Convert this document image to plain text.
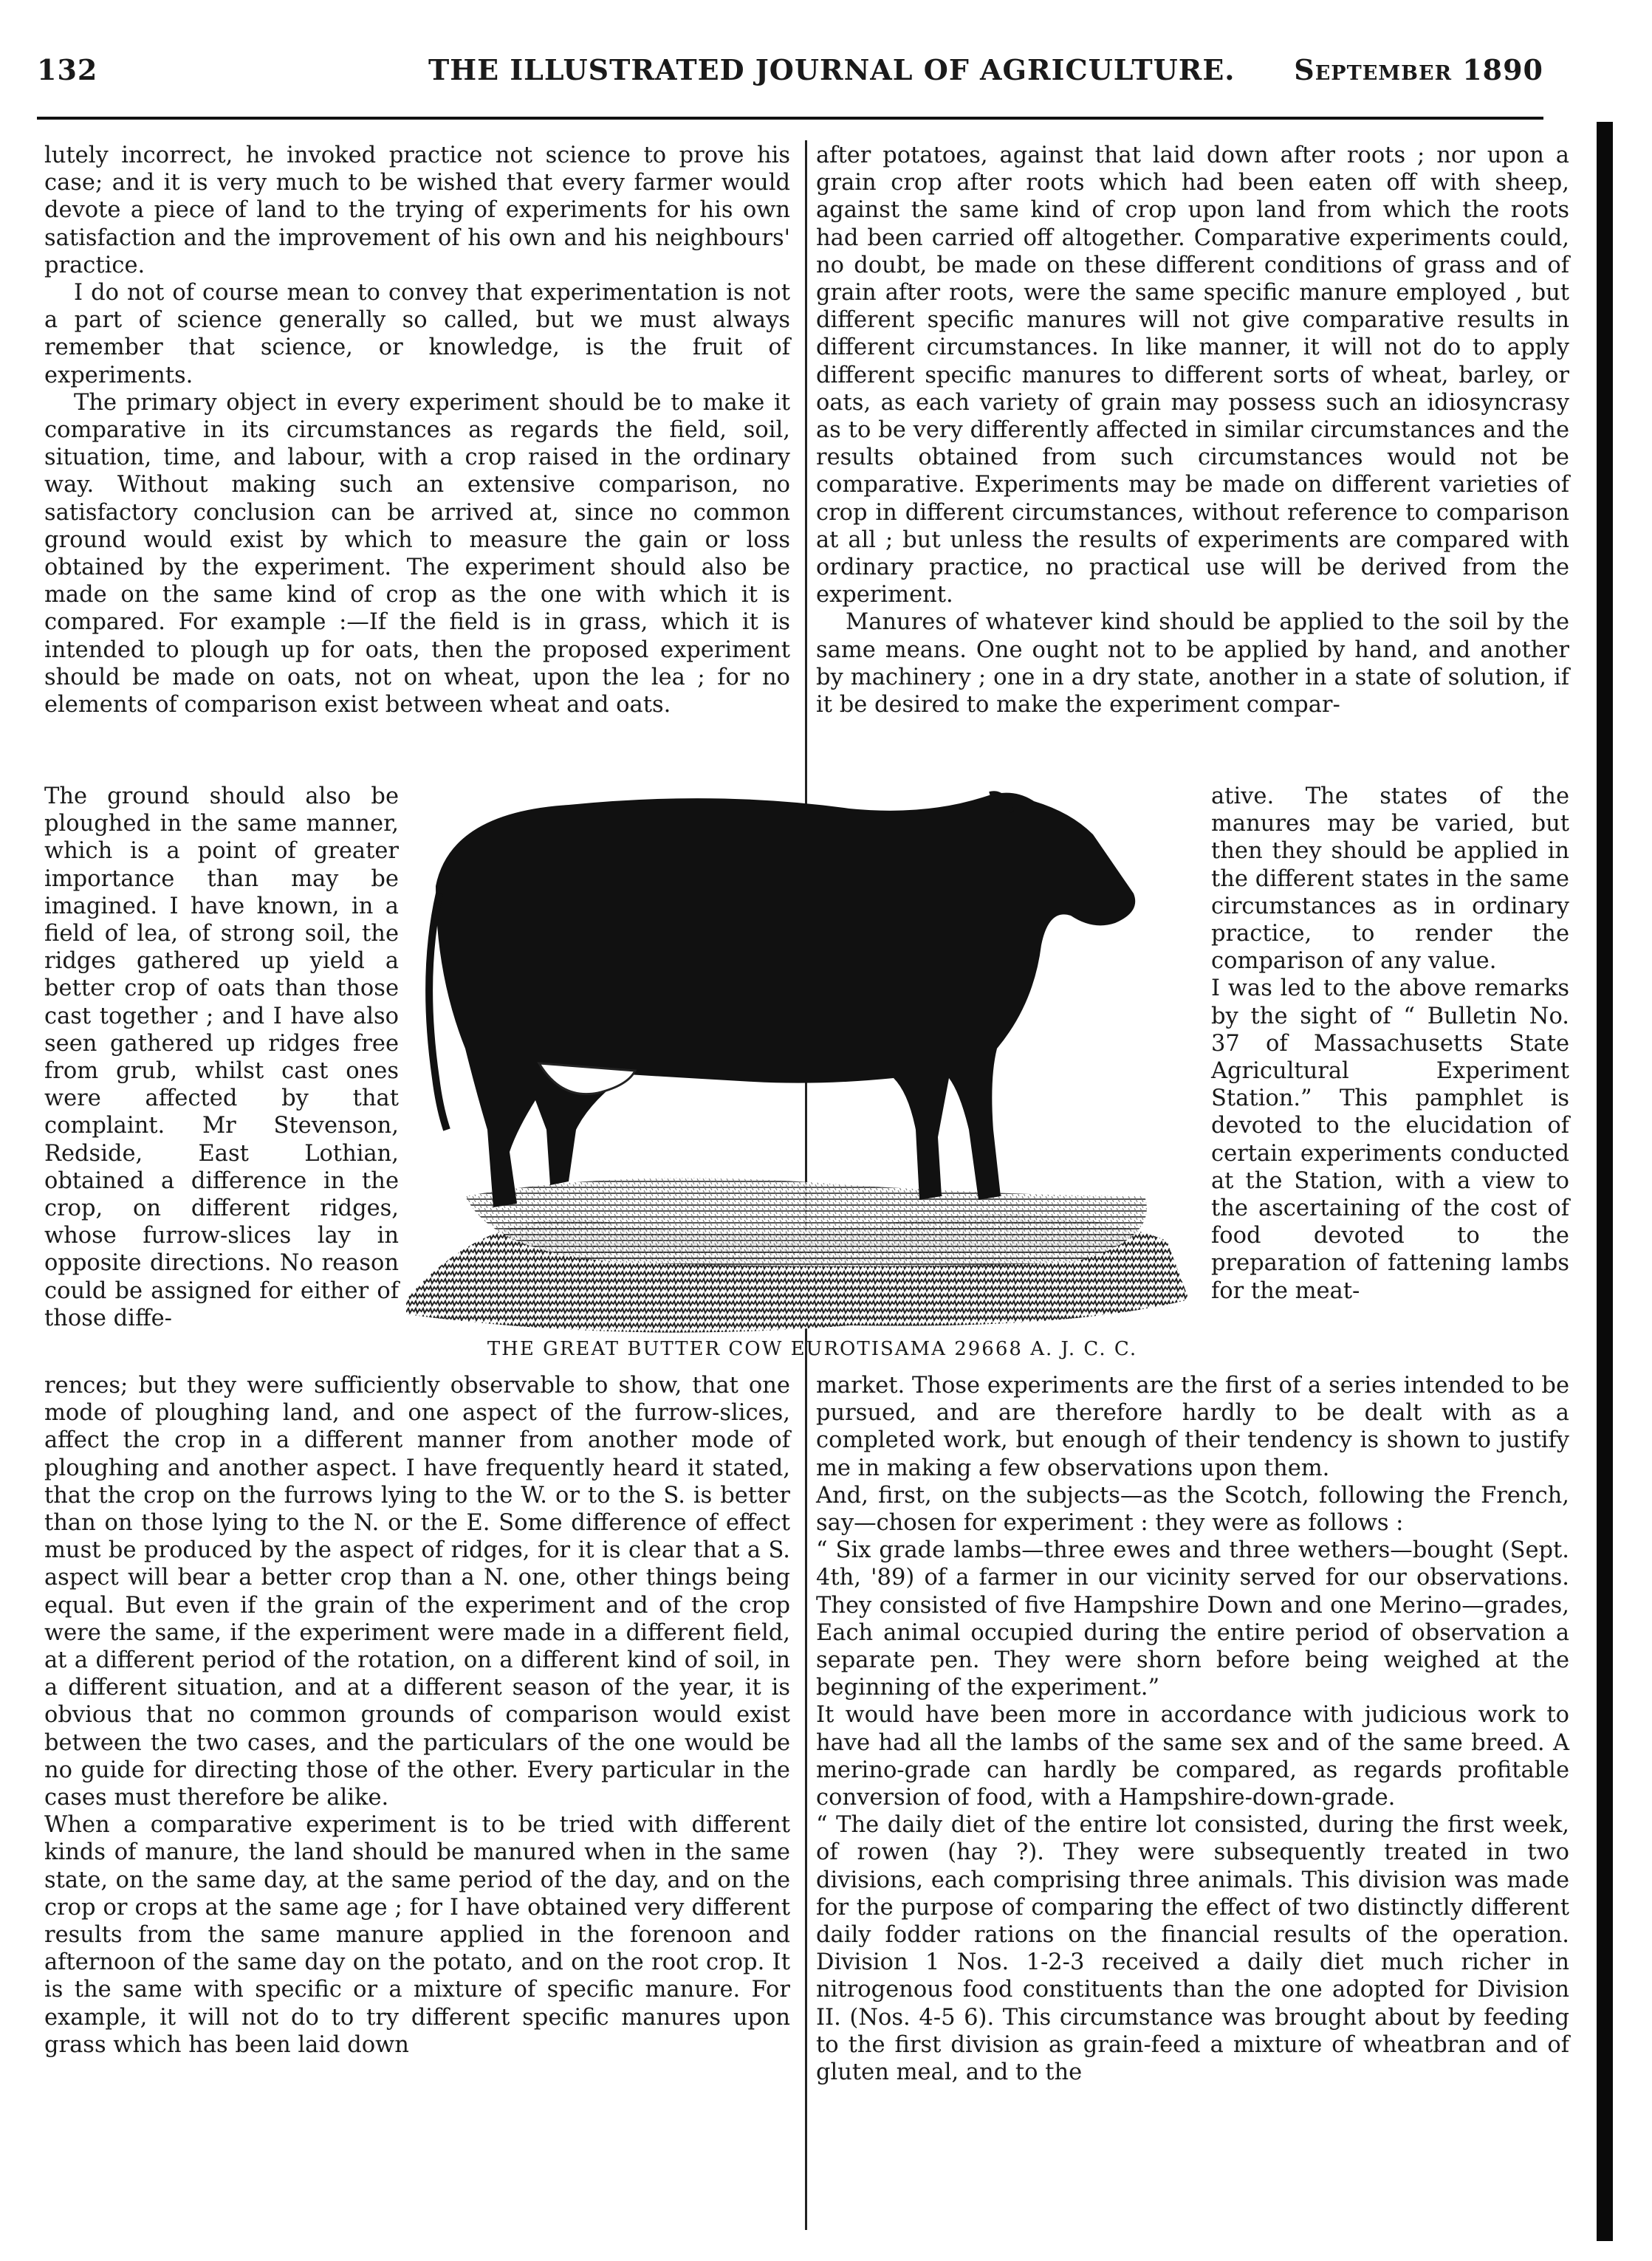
132	THE ILLUSTRATED JOURNAL OF AGRICULTURE. September 1890

lutely incorrect, he invoked practice not science to prove his case; and it is very much to be wished that every farmer would devote a piece of land to the trying of experiments for his own satisfaction and the improvement of his own and his neighbours' practice.

I do not of course mean to convey that experimentation is not a part of science generally so called, but we must always remember that science, or knowledge, is the fruit of experiments.

The primary object in every experiment should be to make it comparative in its circumstances as regards the field, soil, situation, time, and labour, with a crop raised in the ordinary way. Without making such an extensive comparison, no satisfactory conclusion can be arrived at, since no common ground would exist by which to measure the gain or loss obtained by the experiment. The experiment should also be made on the same kind of crop as the one with which it is compared. For example :—If the field is in grass, which it is intended to plough up for oats, then the proposed experiment should be made on oats, not on wheat, upon the lea ; for no elements of comparison exist between wheat and oats.

The ground should also be ploughed in the same manner, which is a point of greater importance than may be imagined. I have known, in a field of lea, of strong soil, the ridges gathered up yield a better crop of oats than those cast together ; and I have also seen gathered up ridges free from grub, whilst cast ones were affected by that complaint. Mr Stevenson, Redside, East Lothian, obtained a difference in the crop, on different ridges, whose furrow-slices lay in opposite directions. No reason could be assigned for either of those diffe-

after potatoes, against that laid down after roots ; nor upon a grain crop after roots which had been eaten off with sheep, against the same kind of crop upon land from which the roots had been carried off altogether. Comparative experiments could, no doubt, be made on these different conditions of grass and of grain after roots, were the same specific manure employed , but different specific manures will not give comparative results in different circumstances. In like manner, it will not do to apply different specific manures to different sorts of wheat, barley, or oats, as each variety of grain may possess such an idiosyncrasy as to be very differently affected in similar circumstances and the results obtained from such circumstances would not be comparative. Experiments may be made on different varieties of crop in different circumstances, without reference to comparison at all ; but unless the results of experiments are compared with ordinary practice, no practical use will be derived from the experiment.

Manures of whatever kind should be applied to the soil by the same means. One ought not to be applied by hand, and another by machinery ; one in a dry state, another in a state of solution, if it be desired to make the experiment compar-

ative. The states of the manures may be varied, but then they should be applied in the different states in the same circumstances as in ordinary practice, to render the comparison of any value.

I was led to the above remarks by the sight of “ Bulletin No. 37 of Massachusetts State Agricultural Experiment Station.” This pamphlet is devoted to the elucidation of certain experiments conducted at the Station, with a view to the ascertaining of the cost of food devoted to the preparation of fattening lambs for the meat-

THE GREAT BUTTER COW EUROTISAMA 29668 A. J. C. C.

rences; but they were sufficiently observable to show, that one mode of ploughing land, and one aspect of the furrow-slices, affect the crop in a different manner from another mode of ploughing and another aspect. I have frequently heard it stated, that the crop on the furrows lying to the W. or to the S. is better than on those lying to the N. or the E. Some difference of effect must be produced by the aspect of ridges, for it is clear that a S. aspect will bear a better crop than a N. one, other things being equal. But even if the grain of the experiment and of the crop were the same, if the experiment were made in a different field, at a different period of the rotation, on a different kind of soil, in a different situation, and at a different season of the year, it is obvious that no common grounds of comparison would exist between the two cases, and the particulars of the one would be no guide for directing those of the other. Every particular in the cases must therefore be alike.

When a comparative experiment is to be tried with different kinds of manure, the land should be manured when in the same state, on the same day, at the same period of the day, and on the crop or crops at the same age ; for I have obtained very different results from the same manure applied in the forenoon and afternoon of the same day on the potato, and on the root crop. It is the same with specific or a mixture of specific manure. For example, it will not do to try different specific manures upon grass which has been laid down

market. Those experiments are the first of a series intended to be pursued, and are therefore hardly to be dealt with as a completed work, but enough of their tendency is shown to justify me in making a few observations upon them.

And, first, on the subjects—as the Scotch, following the French, say—chosen for experiment : they were as follows :

“ Six grade lambs—three ewes and three wethers—bought (Sept. 4th, '89) of a farmer in our vicinity served for our observations. They consisted of five Hampshire Down and one Merino—grades, Each animal occupied during the entire period of observation a separate pen. They were shorn before being weighed at the beginning of the experiment.”

It would have been more in accordance with judicious work to have had all the lambs of the same sex and of the same breed. A merino-grade can hardly be compared, as regards profitable conversion of food, with a Hampshire-down-grade.

“ The daily diet of the entire lot consisted, during the first week, of rowen (hay ?). They were subsequently treated in two divisions, each comprising three animals. This division was made for the purpose of comparing the effect of two distinctly different daily fodder rations on the financial results of the operation. Division 1 Nos. 1-2-3 received a daily diet much richer in nitrogenous food constituents than the one adopted for Division II. (Nos. 4-5 6). This circumstance was brought about by feeding to the first division as grain-feed a mixture of wheatbran and of gluten meal, and to the
